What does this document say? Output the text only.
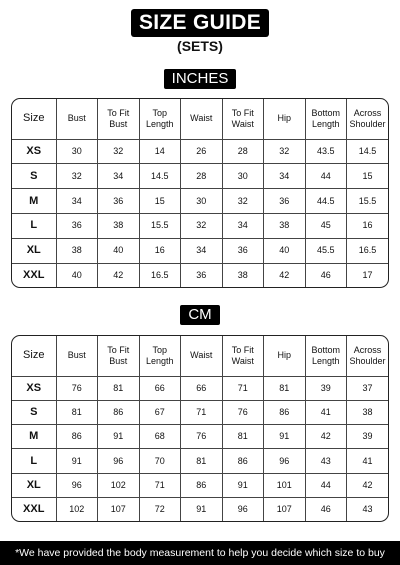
SIZE GUIDE
(SETS)
INCHES
Size	Bust	To Fit Bust	Top Length	Waist	To Fit Waist	Hip	Bottom Length	Across Shoulder
XS	30	32	14	26	28	32	43.5	14.5
S	32	34	14.5	28	30	34	44	15
M	34	36	15	30	32	36	44.5	15.5
L	36	38	15.5	32	34	38	45	16
XL	38	40	16	34	36	40	45.5	16.5
XXL	40	42	16.5	36	38	42	46	17
CM
Size	Bust	To Fit Bust	Top Length	Waist	To Fit Waist	Hip	Bottom Length	Across Shoulder
XS	76	81	66	66	71	81	39	37
S	81	86	67	71	76	86	41	38
M	86	91	68	76	81	91	42	39
L	91	96	70	81	86	96	43	41
XL	96	102	71	86	91	101	44	42
XXL	102	107	72	91	96	107	46	43
*We have provided the body measurement to help you decide which size to buy
